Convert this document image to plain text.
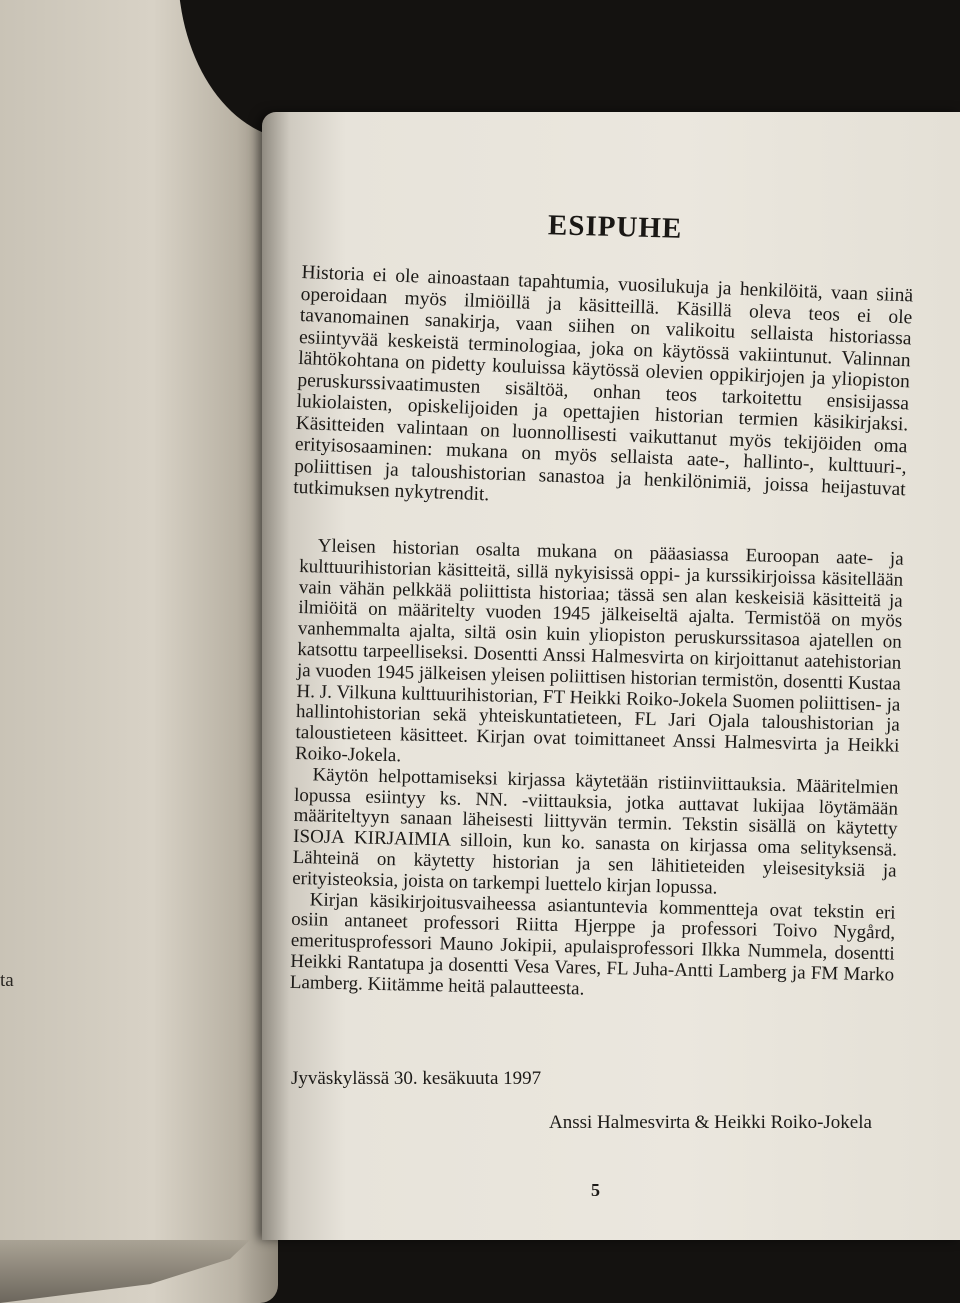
ta
ESIPUHE

Historia ei ole ainoastaan tapahtumia, vuosilukuja ja henkilöitä, vaan siinä operoidaan myös ilmiöillä ja käsitteillä. Käsillä oleva teos ei ole tavanomainen sanakirja, vaan siihen on valikoitu sellaista historiassa esiintyvää keskeistä terminologiaa, joka on käytössä vakiintunut. Valinnan lähtökohtana on pidetty kouluissa käytössä olevien oppikirjojen ja yliopiston peruskurssivaatimusten sisältöä, onhan teos tarkoitettu ensisijassa lukiolaisten, opiskelijoiden ja opettajien historian termien käsikirjaksi. Käsitteiden valintaan on luonnollisesti vaikuttanut myös tekijöiden oma erityisosaaminen: mukana on myös sellaista aate-, hallinto-, kulttuuri-, poliittisen ja taloushistorian sanastoa ja henkilönimiä, joissa heijastuvat tutkimuksen nykytrendit.

Yleisen historian osalta mukana on pääasiassa Euroopan aate- ja kulttuurihistorian käsitteitä, sillä nykyisissä oppi- ja kurssikirjoissa käsitellään vain vähän pelkkää poliittista historiaa; tässä sen alan keskeisiä käsitteitä ja ilmiöitä on määritelty vuoden 1945 jälkeiseltä ajalta. Termistöä on myös vanhemmalta ajalta, siltä osin kuin yliopiston peruskurssitasoa ajatellen on katsottu tarpeelliseksi. Dosentti Anssi Halmesvirta on kirjoittanut aatehistorian ja vuoden 1945 jälkeisen yleisen poliittisen historian termistön, dosentti Kustaa H. J. Vilkuna kulttuurihistorian, FT Heikki Roiko-Jokela Suomen poliittisen- ja hallintohistorian sekä yhteiskuntatieteen, FL Jari Ojala taloushistorian ja taloustieteen käsitteet. Kirjan ovat toimittaneet Anssi Halmesvirta ja Heikki Roiko-Jokela.

Käytön helpottamiseksi kirjassa käytetään ristiinviittauksia. Määritelmien lopussa esiintyy ks. NN. -viittauksia, jotka auttavat lukijaa löytämään määriteltyyn sanaan läheisesti liittyvän termin. Tekstin sisällä on käytetty ISOJA KIRJAIMIA silloin, kun ko. sanasta on kirjassa oma selityksensä. Lähteinä on käytetty historian ja sen lähitieteiden yleisesityksiä ja erityisteoksia, joista on tarkempi luettelo kirjan lopussa.

Kirjan käsikirjoitusvaiheessa asiantuntevia kommentteja ovat tekstin eri osiin antaneet professori Riitta Hjerppe ja professori Toivo Nygård, emeritusprofessori Mauno Jokipii, apulaisprofessori Ilkka Nummela, dosentti Heikki Rantatupa ja dosentti Vesa Vares, FL Juha-Antti Lamberg ja FM Marko Lamberg. Kiitämme heitä palautteesta.

Jyväskylässä 30. kesäkuuta 1997
Anssi Halmesvirta & Heikki Roiko-Jokela
5
